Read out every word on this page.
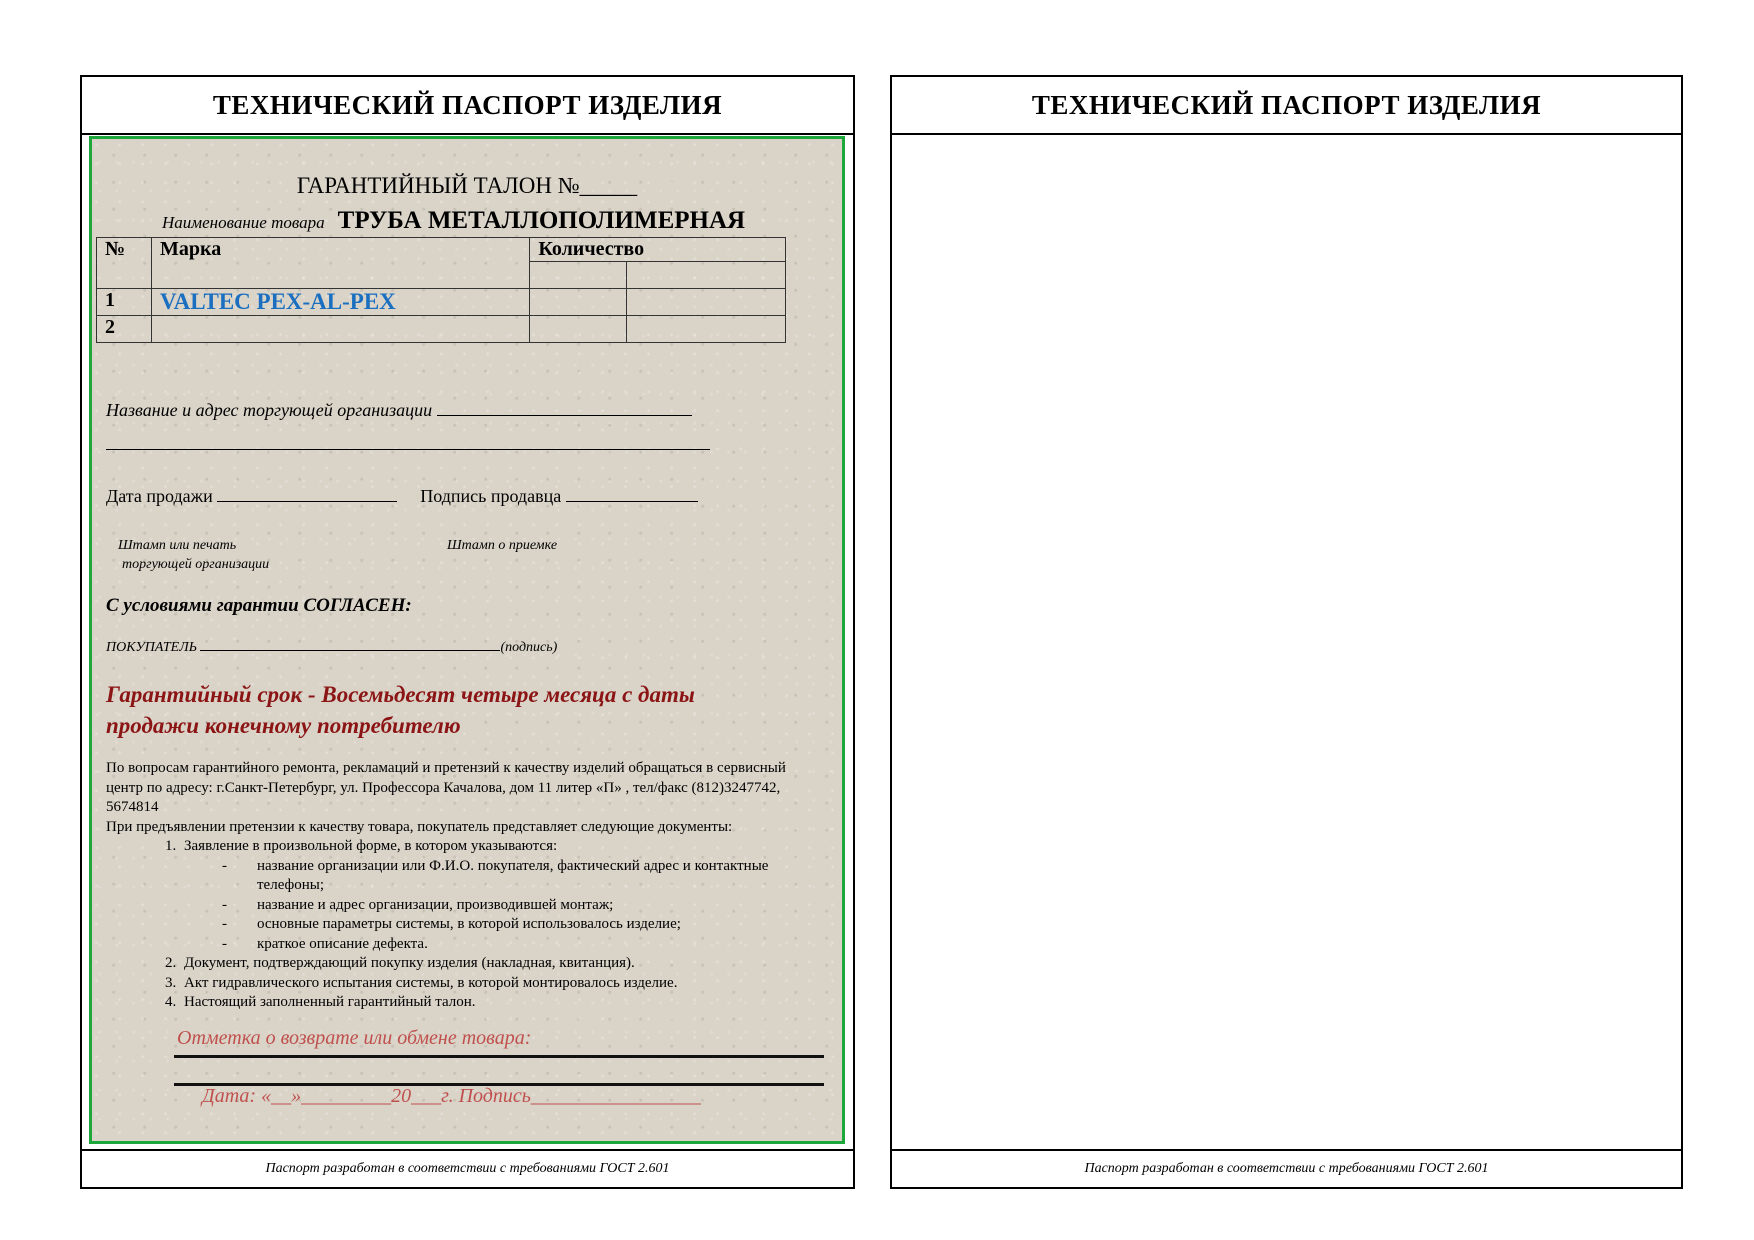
ТЕХНИЧЕСКИЙ ПАСПОРТ ИЗДЕЛИЯ
ГАРАНТИЙНЫЙ ТАЛОН №_____
Наименование товара ТРУБА МЕТАЛЛОПОЛИМЕРНАЯ
№	Марка	Количество	

1	VALTEC PEX-AL-PEX		
2			
Название и адрес торгующей организации
Дата продажи	Подпись продавца
Штамп или печать
торгующей организации
Штамп о приемке
С условиями гарантии СОГЛАСЕН:
ПОКУПАТЕЛЬ	(подпись)
Гарантийный срок - Восемьдесят четыре месяца с даты продажи конечному потребителю
По вопросам гарантийного ремонта, рекламаций и претензий к качеству изделий обращаться в сервисный центр по адресу: г.Санкт-Петербург, ул. Профессора Качалова, дом 11 литер «П» , тел/факс (812)3247742, 5674814
При предъявлении претензии к качеству товара, покупатель представляет следующие документы:
1. Заявление в произвольной форме, в котором указываются:
- название организации или Ф.И.О. покупателя, фактический адрес и контактные телефоны;
- название и адрес организации, производившей монтаж;
- основные параметры системы, в которой использовалось изделие;
- краткое описание дефекта.
2. Документ, подтверждающий покупку изделия (накладная, квитанция).
3. Акт гидравлического испытания системы, в которой монтировалось изделие.
4. Настоящий заполненный гарантийный талон.
Отметка о возврате или обмене товара:
Дата: «__»_________20___г. Подпись_________________
Паспорт разработан в соответствии с требованиями ГОСТ 2.601
ТЕХНИЧЕСКИЙ ПАСПОРТ ИЗДЕЛИЯ
Паспорт разработан в соответствии с требованиями ГОСТ 2.601
